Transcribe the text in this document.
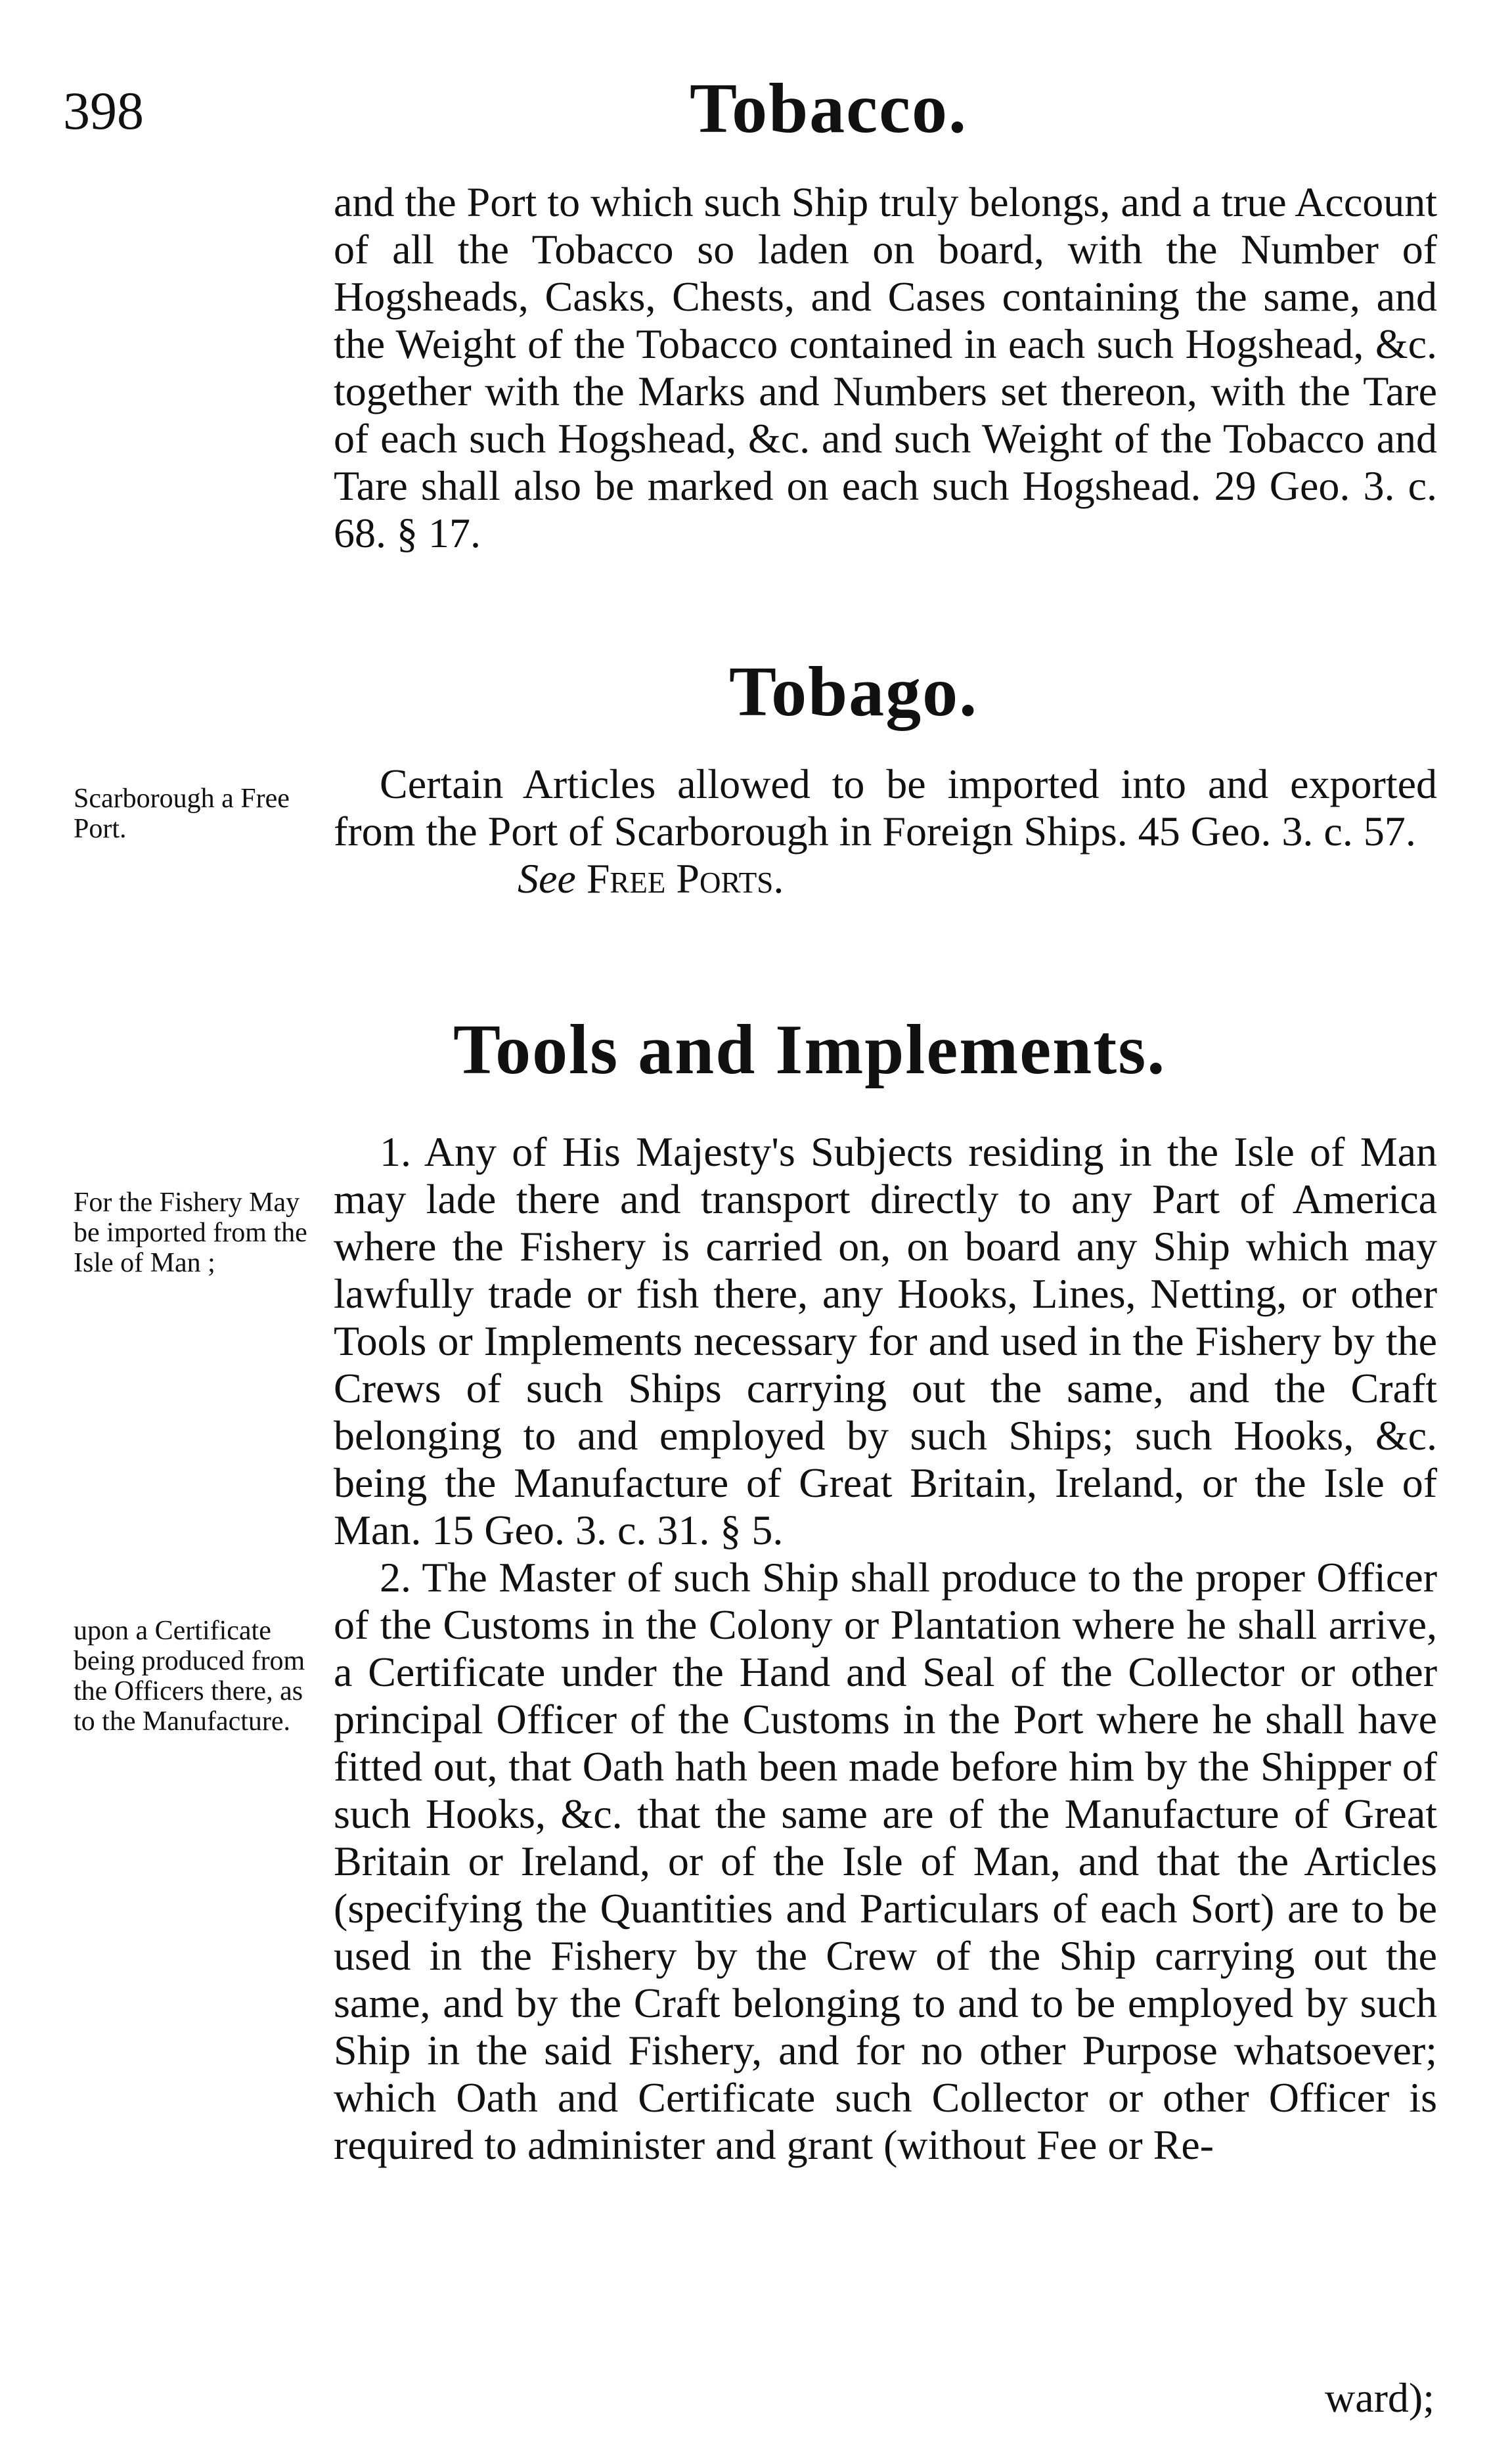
398	Tobacco.

and the Port to which such Ship truly belongs, and a true Account of all the Tobacco so laden on board, with the Number of Hogsheads, Casks, Chests, and Cases containing the same, and the Weight of the Tobacco contained in each such Hogshead, &c. together with the Marks and Numbers set thereon, with the Tare of each such Hogshead, &c. and such Weight of the Tobacco and Tare shall also be marked on each such Hogshead. 29 Geo. 3. c. 68. § 17.

Tobago.
Scarborough a Free Port.

Certain Articles allowed to be imported into and exported from the Port of Scarborough in Foreign Ships. 45 Geo. 3. c. 57.

See Free Ports.

Tools and Implements.
For the Fishery May be imported from the Isle of Man ;
upon a Certificate being produced from the Officers there, as to the Manufacture.

1. Any of His Majesty's Subjects residing in the Isle of Man may lade there and transport directly to any Part of America where the Fishery is carried on, on board any Ship which may lawfully trade or fish there, any Hooks, Lines, Netting, or other Tools or Implements necessary for and used in the Fishery by the Crews of such Ships carrying out the same, and the Craft belonging to and employed by such Ships; such Hooks, &c. being the Manufacture of Great Britain, Ireland, or the Isle of Man. 15 Geo. 3. c. 31. § 5.

2. The Master of such Ship shall produce to the proper Officer of the Customs in the Colony or Plantation where he shall arrive, a Certificate under the Hand and Seal of the Collector or other principal Officer of the Customs in the Port where he shall have fitted out, that Oath hath been made before him by the Shipper of such Hooks, &c. that the same are of the Manufacture of Great Britain or Ireland, or of the Isle of Man, and that the Articles (specifying the Quantities and Particulars of each Sort) are to be used in the Fishery by the Crew of the Ship carrying out the same, and by the Craft belonging to and to be employed by such Ship in the said Fishery, and for no other Purpose whatsoever; which Oath and Certificate such Collector or other Officer is required to administer and grant (without Fee or Re-

ward);
